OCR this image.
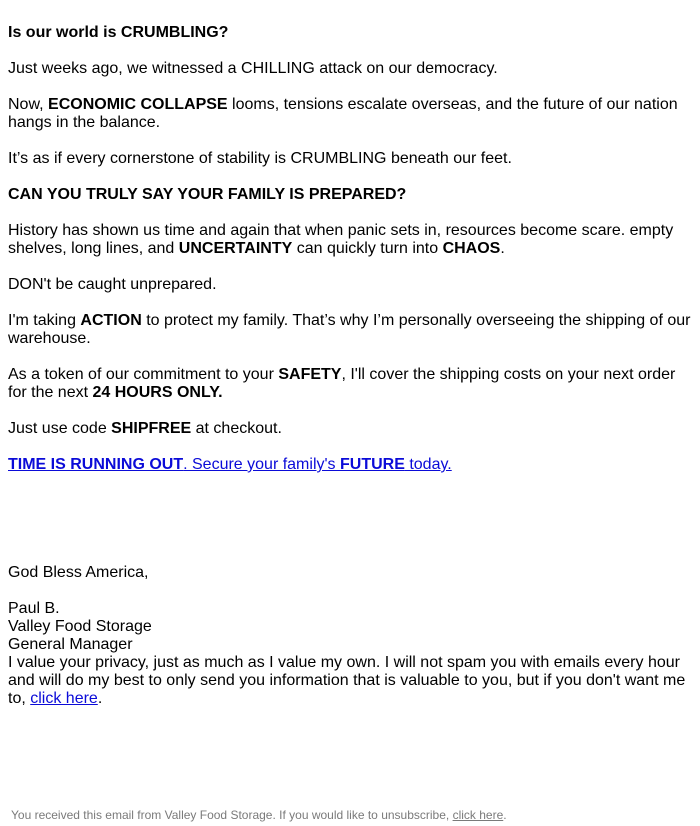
Is our world is CRUMBLING?

Just weeks ago, we witnessed a CHILLING attack on our democracy.

Now, ECONOMIC COLLAPSE looms, tensions escalate overseas, and the future of our nation hangs in the balance.

It’s as if every cornerstone of stability is CRUMBLING beneath our feet.

CAN YOU TRULY SAY YOUR FAMILY IS PREPARED?

History has shown us time and again that when panic sets in, resources become scare. empty shelves, long lines, and UNCERTAINTY can quickly turn into CHAOS.

DON't be caught unprepared.

I'm taking ACTION to protect my family. That’s why I’m personally overseeing the shipping of our warehouse.

As a token of our commitment to your SAFETY, I'll cover the shipping costs on your next order for the next 24 HOURS ONLY.

Just use code SHIPFREE at checkout.

TIME IS RUNNING OUT. Secure your family's FUTURE today.

God Bless America,

Paul B.
Valley Food Storage
General Manager

I value your privacy, just as much as I value my own. I will not spam you with emails every hour and will do my best to only send you information that is valuable to you, but if you don't want me to, click here.

You received this email from Valley Food Storage. If you would like to unsubscribe, click here.
